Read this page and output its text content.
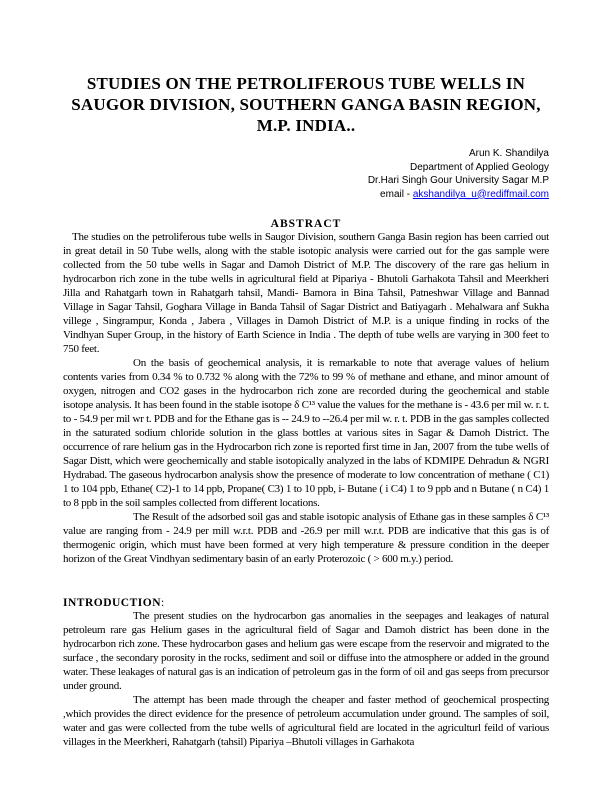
STUDIES ON THE PETROLIFEROUS TUBE WELLS IN SAUGOR DIVISION, SOUTHERN GANGA BASIN REGION, M.P. INDIA..
Arun K. Shandilya
Department of Applied Geology
Dr.Hari Singh Gour University Sagar M.P
email - akshandilya_u@rediffmail.com
ABSTRACT

The studies on the petroliferous tube wells in Saugor Division, southern Ganga Basin region has been carried out in great detail in 50 Tube wells, along with the stable isotopic analysis were carried out for the gas sample were collected from the 50 tube wells in Sagar and Damoh District of M.P. The discovery of the rare gas helium in hydrocarbon rich zone in the tube wells in agricultural field at Pipariya - Bhutoli Garhakota Tahsil and Meerkheri Jilla and Rahatgarh town in Rahatgarh tahsil, Mandi- Bamora in Bina Tahsil, Patneshwar Village and Bannad Village in Sagar Tahsil, Goghara Village in Banda Tahsil of Sagar District and Batiyagarh . Mehalwara anf Sukha villege , Singrampur, Konda , Jabera , Villages in Damoh District of M.P. is a unique finding in rocks of the Vindhyan Super Group, in the history of Earth Science in India . The depth of tube wells are varying in 300 feet to 750 feet.

On the basis of geochemical analysis, it is remarkable to note that average values of helium contents varies from 0.34 % to 0.732 % along with the 72% to 99 % of methane and ethane, and minor amount of oxygen, nitrogen and CO2 gases in the hydrocarbon rich zone are recorded during the geochemical and stable isotope analysis. It has been found in the stable isotope δ C¹³ value the values for the methane is - 43.6 per mil w. r. t. to - 54.9 per mil wr t. PDB and for the Ethane gas is -- 24.9 to --26.4 per mil w. r. t. PDB in the gas samples collected in the saturated sodium chloride solution in the glass bottles at various sites in Sagar & Damoh District. The occurrence of rare helium gas in the Hydrocarbon rich zone is reported first time in Jan, 2007 from the tube wells of Sagar Distt, which were geochemically and stable isotopically analyzed in the labs of KDMIPE Dehradun & NGRI Hydrabad. The gaseous hydrocarbon analysis show the presence of moderate to low concentration of methane ( C1) 1 to 104 ppb, Ethane( C2)-1 to 14 ppb, Propane( C3) 1 to 10 ppb, i- Butane ( i C4) 1 to 9 ppb and n Butane ( n C4) 1 to 8 ppb in the soil samples collected from different locations.

The Result of the adsorbed soil gas and stable isotopic analysis of Ethane gas in these samples δ C¹³ value are ranging from - 24.9 per mill w.r.t. PDB and -26.9 per mill w.r.t. PDB are indicative that this gas is of thermogenic origin, which must have been formed at very high temperature & pressure condition in the deeper horizon of the Great Vindhyan sedimentary basin of an early Proterozoic ( > 600 m.y.) period.

INTRODUCTION:

The present studies on the hydrocarbon gas anomalies in the seepages and leakages of natural petroleum rare gas Helium gases in the agricultural field of Sagar and Damoh district has been done in the hydrocarbon rich zone. These hydrocarbon gases and helium gas were escape from the reservoir and migrated to the surface , the secondary porosity in the rocks, sediment and soil or diffuse into the atmosphere or added in the ground water. These leakages of natural gas is an indication of petroleum gas in the form of oil and gas seeps from precursor under ground.

The attempt has been made through the cheaper and faster method of geochemical prospecting ,which provides the direct evidence for the presence of petroleum accumulation under ground. The samples of soil, water and gas were collected from the tube wells of agricultural field are located in the agriculturl feild of various villages in the Meerkheri, Rahatgarh (tahsil) Pipariya –Bhutoli villages in Garhakota
